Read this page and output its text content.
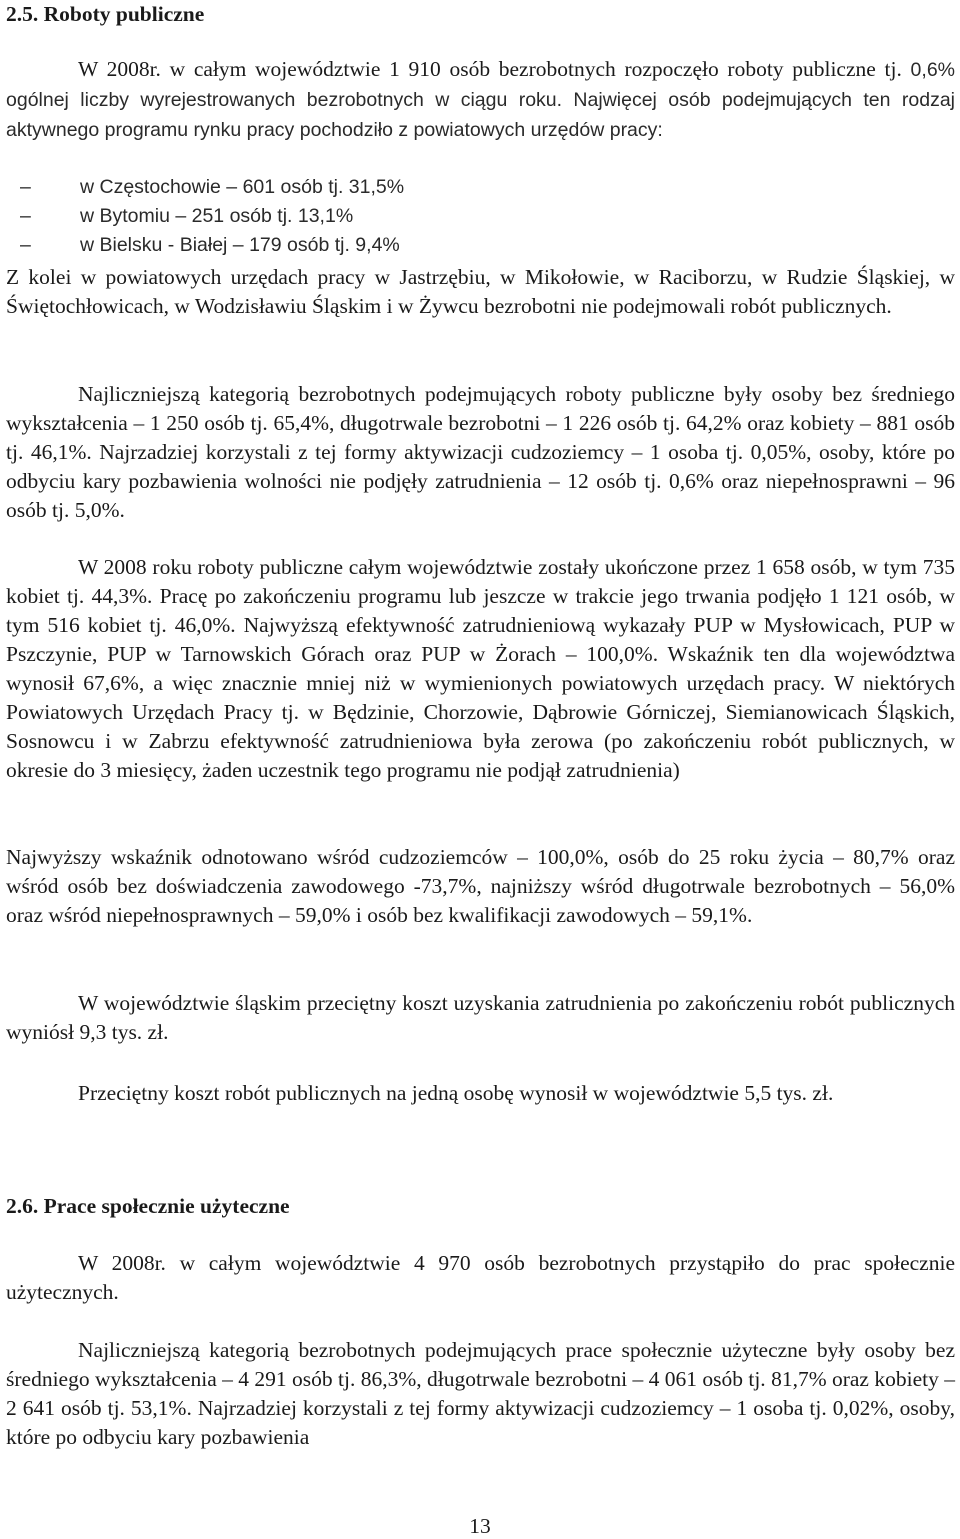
2.5. Roboty publiczne

W 2008r. w całym województwie 1 910 osób bezrobotnych rozpoczęło roboty publiczne tj. 0,6% ogólnej liczby wyrejestrowanych bezrobotnych w ciągu roku. Najwięcej osób podejmujących ten rodzaj aktywnego programu rynku pracy pochodziło z powiatowych urzędów pracy:

–	w Częstochowie – 601 osób tj. 31,5%
–	w Bytomiu – 251 osób tj. 13,1%
–	w Bielsku - Białej – 179 osób tj. 9,4%

Z kolei w powiatowych urzędach pracy w Jastrzębiu, w Mikołowie, w Raciborzu, w Rudzie Śląskiej, w Świętochłowicach, w Wodzisławiu Śląskim i w Żywcu bezrobotni nie podejmowali robót publicznych.

Najliczniejszą kategorią bezrobotnych podejmujących roboty publiczne były osoby bez średniego wykształcenia – 1 250 osób tj. 65,4%, długotrwale bezrobotni – 1 226 osób tj. 64,2% oraz kobiety – 881 osób tj. 46,1%. Najrzadziej korzystali z tej formy aktywizacji cudzoziemcy – 1 osoba tj. 0,05%, osoby, które po odbyciu kary pozbawienia wolności nie podjęły zatrudnienia – 12 osób tj. 0,6% oraz niepełnosprawni – 96 osób tj. 5,0%.

W 2008 roku roboty publiczne całym województwie zostały ukończone przez 1 658 osób, w tym 735 kobiet tj. 44,3%. Pracę po zakończeniu programu lub jeszcze w trakcie jego trwania podjęło 1 121 osób, w tym 516 kobiet tj. 46,0%. Najwyższą efektywność zatrudnieniową wykazały PUP w Mysłowicach, PUP w Pszczynie, PUP w Tarnowskich Górach oraz PUP w Żorach – 100,0%. Wskaźnik ten dla województwa wynosił 67,6%, a więc znacznie mniej niż w wymienionych powiatowych urzędach pracy. W niektórych Powiatowych Urzędach Pracy tj. w Będzinie, Chorzowie, Dąbrowie Górniczej, Siemianowicach Śląskich, Sosnowcu i w Zabrzu efektywność zatrudnieniowa była zerowa (po zakończeniu robót publicznych, w okresie do 3 miesięcy, żaden uczestnik tego programu nie podjął zatrudnienia)

Najwyższy wskaźnik odnotowano wśród cudzoziemców – 100,0%, osób do 25 roku życia – 80,7% oraz wśród osób bez doświadczenia zawodowego -73,7%, najniższy wśród długotrwale bezrobotnych – 56,0% oraz wśród niepełnosprawnych – 59,0% i osób bez kwalifikacji zawodowych – 59,1%.

W województwie śląskim przeciętny koszt uzyskania zatrudnienia po zakończeniu robót publicznych wyniósł 9,3 tys. zł.

Przeciętny koszt robót publicznych na jedną osobę wynosił w województwie 5,5 tys. zł.

2.6. Prace społecznie użyteczne

W 2008r. w całym województwie 4 970 osób bezrobotnych przystąpiło do prac społecznie użytecznych.

Najliczniejszą kategorią bezrobotnych podejmujących prace społecznie użyteczne były osoby bez średniego wykształcenia – 4 291 osób tj. 86,3%, długotrwale bezrobotni – 4 061 osób tj. 81,7% oraz kobiety – 2 641 osób tj. 53,1%. Najrzadziej korzystali z tej formy aktywizacji cudzoziemcy – 1 osoba tj. 0,02%, osoby, które po odbyciu kary pozbawienia

13
